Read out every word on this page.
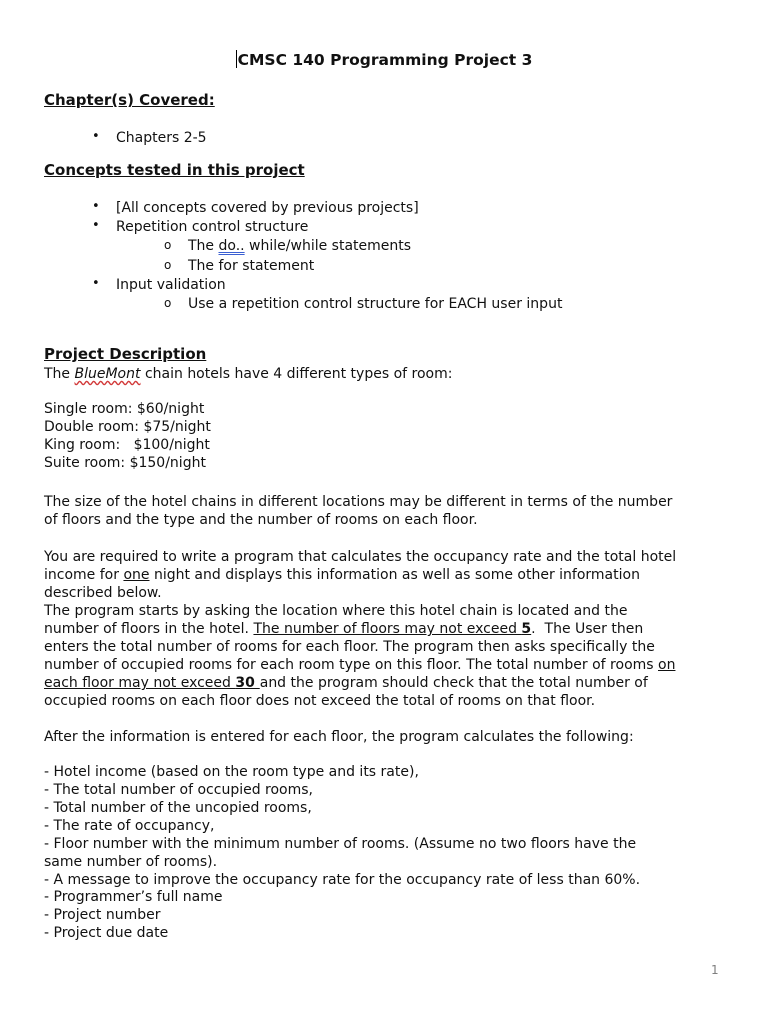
CMSC 140 Programming Project 3
Chapter(s) Covered:
• Chapters 2-5
Concepts tested in this project
• [All concepts covered by previous projects]
• Repetition control structure
o The do.. while/while statements
o The for statement
• Input validation
o Use a repetition control structure for EACH user input
Project Description
The BlueMont chain hotels have 4 different types of room:
Single room: $60/night
Double room: $75/night
King room:   $100/night
Suite room: $150/night
The size of the hotel chains in different locations may be different in terms of the number
of floors and the type and the number of rooms on each floor.
You are required to write a program that calculates the occupancy rate and the total hotel
income for one night and displays this information as well as some other information
described below.
The program starts by asking the location where this hotel chain is located and the
number of floors in the hotel. The number of floors may not exceed 5.  The User then
enters the total number of rooms for each floor. The program then asks specifically the
number of occupied rooms for each room type on this floor. The total number of rooms on
each floor may not exceed 30 and the program should check that the total number of
occupied rooms on each floor does not exceed the total of rooms on that floor.
After the information is entered for each floor, the program calculates the following:
- Hotel income (based on the room type and its rate),
- The total number of occupied rooms,
- Total number of the uncopied rooms,
- The rate of occupancy,
- Floor number with the minimum number of rooms. (Assume no two floors have the
same number of rooms).
- A message to improve the occupancy rate for the occupancy rate of less than 60%.
- Programmer’s full name
- Project number
- Project due date
1
